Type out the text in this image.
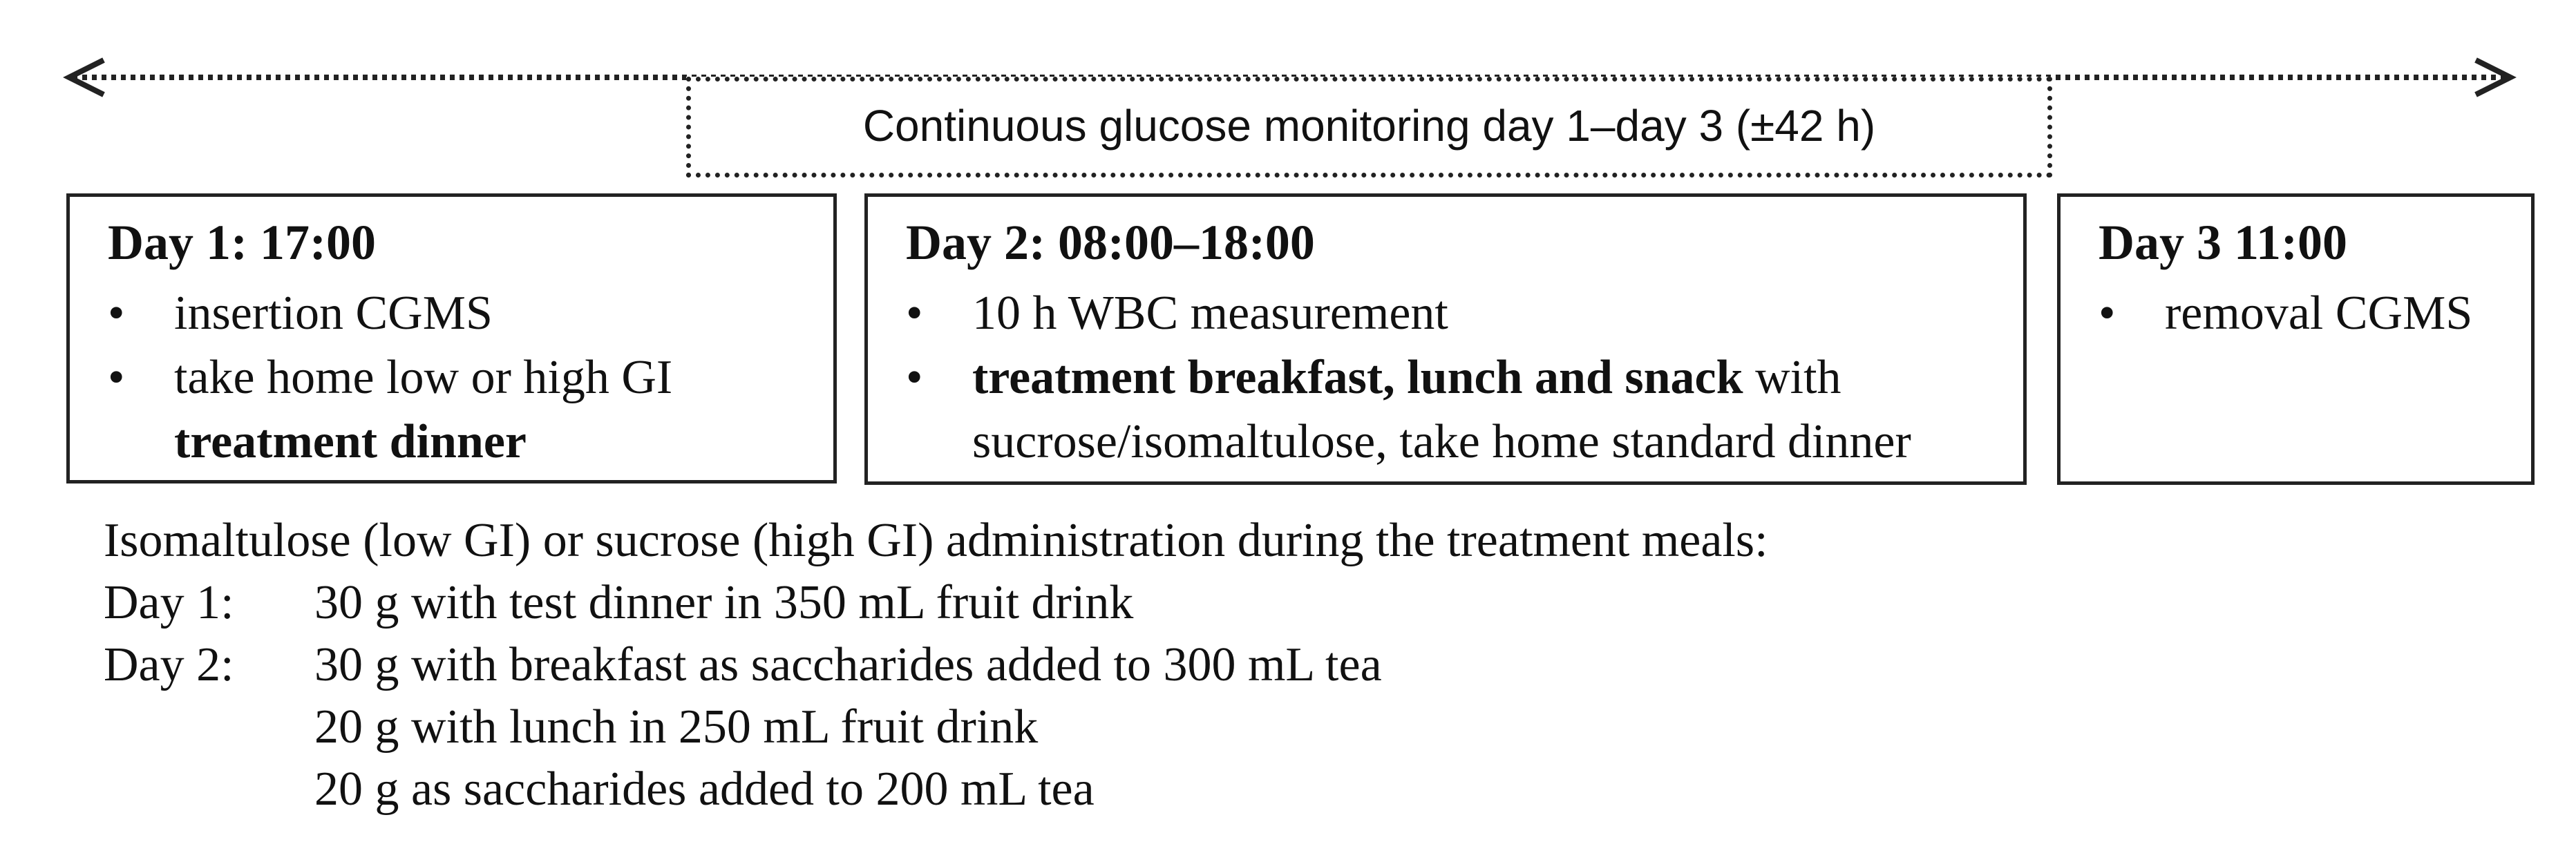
Continuous glucose monitoring day 1–day 3 (±42 h)
Day 1: 17:00
• insertion CGMS
• take home low or high GI
treatment dinner
Day 2: 08:00–18:00
• 10 h WBC measurement
• treatment breakfast, lunch and snack with
sucrose/isomaltulose, take home standard dinner
Day 3 11:00
• removal CGMS
Isomaltulose (low GI) or sucrose (high GI) administration during the treatment meals:
Day 1: 30 g with test dinner in 350 mL fruit drink
Day 2: 30 g with breakfast as saccharides added to 300 mL tea
20 g with lunch in 250 mL fruit drink
20 g as saccharides added to 200 mL tea
